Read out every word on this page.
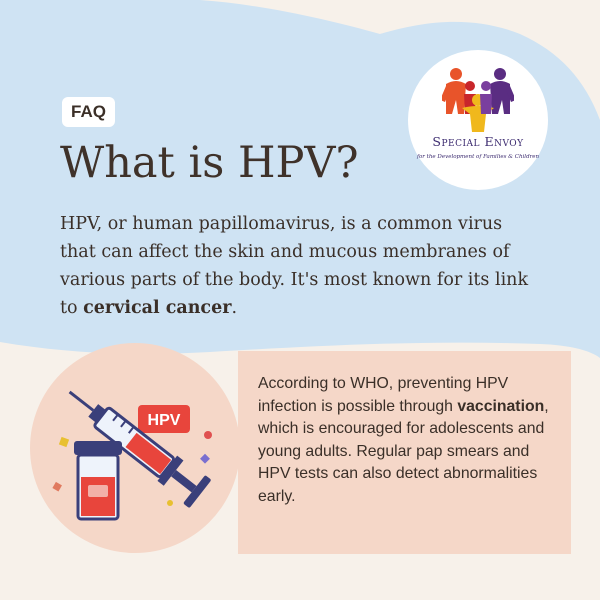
Special Envoy
for the Development of Families & Children
FAQ
What is HPV?
HPV, or human papillomavirus, is a common virus that can affect the skin and mucous membranes of various parts of the body. It's most known for its link to cervical cancer.
According to WHO, preventing HPV infection is possible through vaccination, which is encouraged for adolescents and young adults. Regular pap smears and HPV tests can also detect abnormalities early.
HPV
